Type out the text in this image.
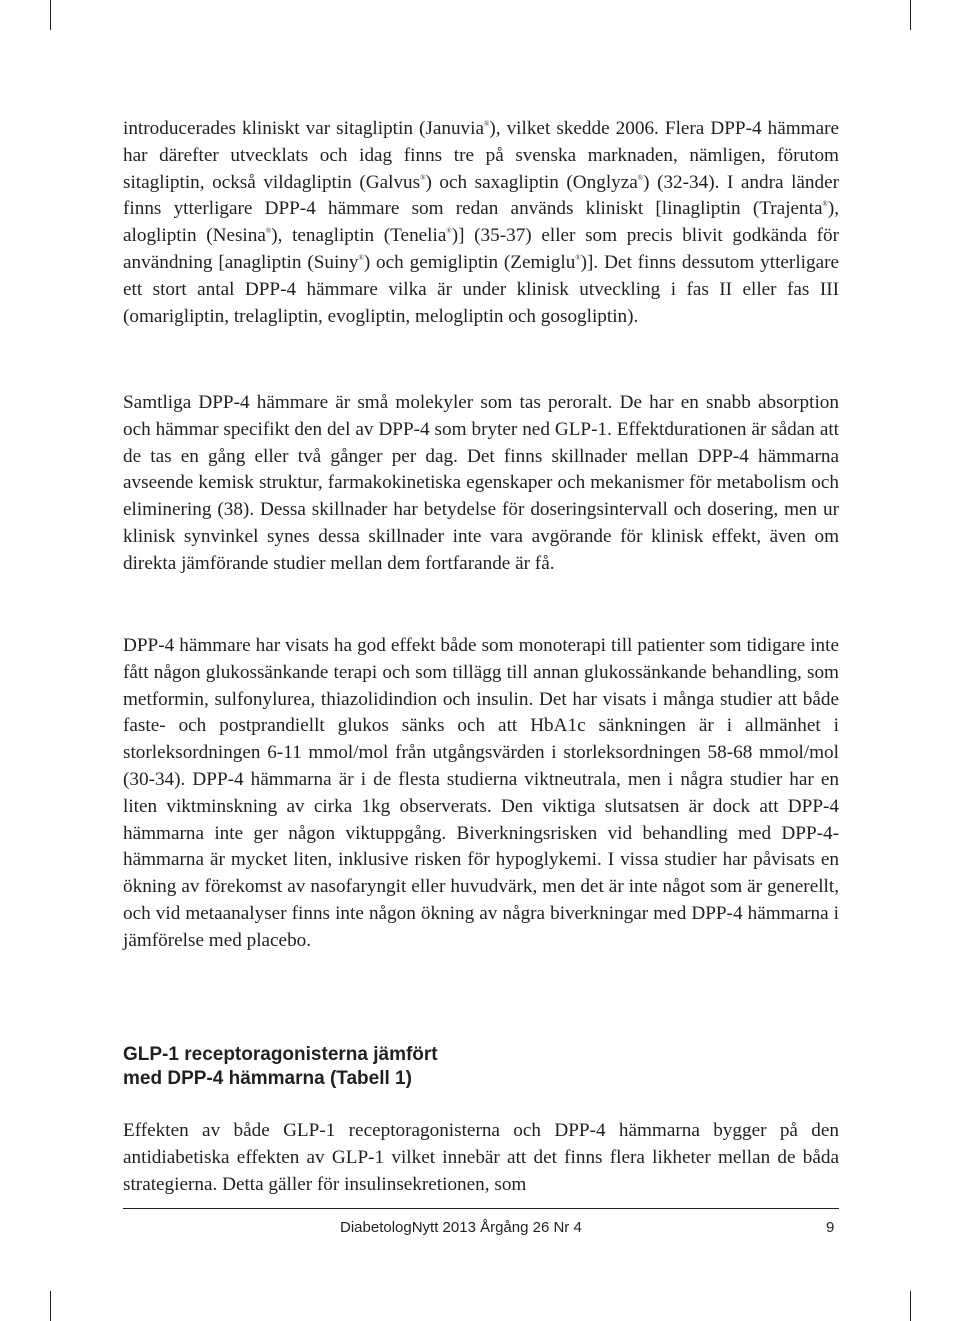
introducerades kliniskt var sitagliptin (Januvia®), vilket skedde 2006. Flera DPP-4 hämmare har därefter utvecklats och idag finns tre på svenska marknaden, nämligen, förutom sitagliptin, också vildagliptin (Galvus®) och saxagliptin (Onglyza®) (32-34). I andra länder finns ytterligare DPP-4 hämmare som redan används kliniskt [linagliptin (Trajenta®), alogliptin (Nesina®), tenagliptin (Tenelia®)] (35-37) eller som precis blivit godkända för användning [anagliptin (Suiny®) och gemigliptin (Zemiglu®)]. Det finns dessutom ytterligare ett stort antal DPP-4 hämmare vilka är under klinisk utveckling i fas II eller fas III (omarigliptin, trelagliptin, evogliptin, melogliptin och gosogliptin).

Samtliga DPP-4 hämmare är små molekyler som tas peroralt. De har en snabb absorption och hämmar specifikt den del av DPP-4 som bryter ned GLP-1. Effektdurationen är sådan att de tas en gång eller två gånger per dag. Det finns skillnader mellan DPP-4 hämmarna avseende kemisk struktur, farmakokinetiska egenskaper och mekanismer för metabolism och eliminering (38). Dessa skillnader har betydelse för doseringsintervall och dosering, men ur klinisk synvinkel synes dessa skillnader inte vara avgörande för klinisk effekt, även om direkta jämförande studier mellan dem fortfarande är få.

DPP-4 hämmare har visats ha god effekt både som monoterapi till patienter som tidigare inte fått någon glukossänkande terapi och som tillägg till annan glukossänkande behandling, som metformin, sulfonylurea, thiazolidindion och insulin. Det har visats i många studier att både faste- och postprandiellt glukos sänks och att HbA1c sänkningen är i allmänhet i storleksordningen 6-11 mmol/mol från utgångsvärden i storleksordningen 58-68 mmol/mol (30-34). DPP-4 hämmarna är i de flesta studierna viktneutrala, men i några studier har en liten viktminskning av cirka 1kg observerats. Den viktiga slutsatsen är dock att DPP-4 hämmarna inte ger någon viktuppgång. Biverkningsrisken vid behandling med DPP-4-hämmarna är mycket liten, inklusive risken för hypoglykemi. I vissa studier har påvisats en ökning av förekomst av nasofaryngit eller huvudvärk, men det är inte något som är generellt, och vid metaanalyser finns inte någon ökning av några biverkningar med DPP-4 hämmarna i jämförelse med placebo.

GLP-1 receptoragonisterna jämfört
med DPP-4 hämmarna (Tabell 1)

Effekten av både GLP-1 receptoragonisterna och DPP-4 hämmarna bygger på den antidiabetiska effekten av GLP-1 vilket innebär att det finns flera likheter mellan de båda strategierna. Detta gäller för insulinsekretionen, som

DiabetologNytt 2013 Årgång 26 Nr 4	9
